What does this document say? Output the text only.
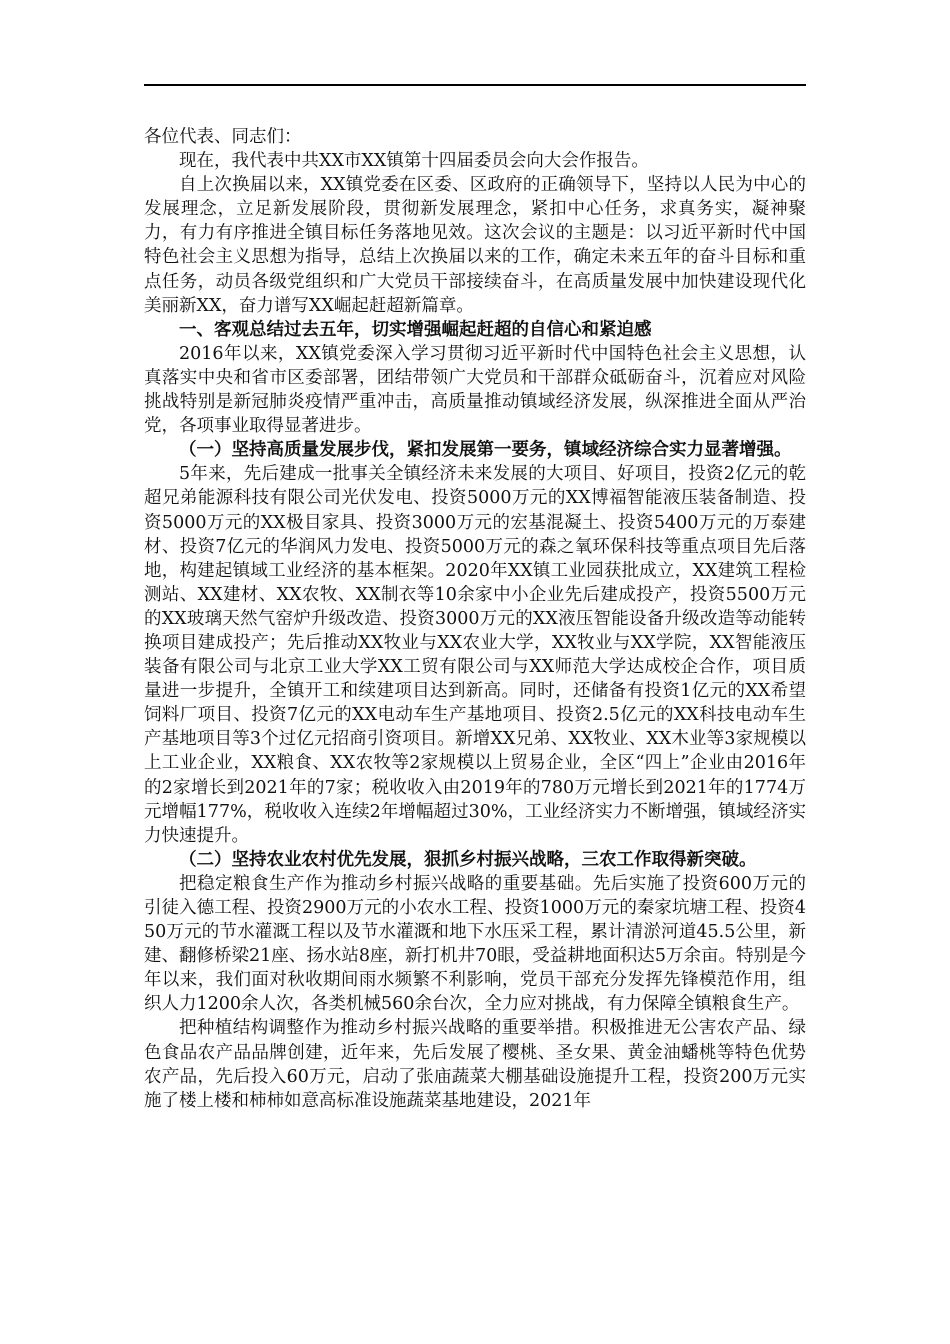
各位代表、同志们：

现在，我代表中共XX市XX镇第十四届委员会向大会作报告。

自上次换届以来，XX镇党委在区委、区政府的正确领导下，坚持以人民为中心的发展理念，立足新发展阶段，贯彻新发展理念，紧扣中心任务，求真务实，凝神聚力，有力有序推进全镇目标任务落地见效。这次会议的主题是：以习近平新时代中国特色社会主义思想为指导，总结上次换届以来的工作，确定未来五年的奋斗目标和重点任务，动员各级党组织和广大党员干部接续奋斗，在高质量发展中加快建设现代化美丽新XX，奋力谱写XX崛起赶超新篇章。

一、客观总结过去五年，切实增强崛起赶超的自信心和紧迫感

2016年以来，XX镇党委深入学习贯彻习近平新时代中国特色社会主义思想，认真落实中央和省市区委部署，团结带领广大党员和干部群众砥砺奋斗，沉着应对风险挑战特别是新冠肺炎疫情严重冲击，高质量推动镇域经济发展，纵深推进全面从严治党，各项事业取得显著进步。

（一）坚持高质量发展步伐，紧扣发展第一要务，镇域经济综合实力显著增强。

5年来，先后建成一批事关全镇经济未来发展的大项目、好项目，投资2亿元的乾超兄弟能源科技有限公司光伏发电、投资5000万元的XX博福智能液压装备制造、投资5000万元的XX极目家具、投资3000万元的宏基混凝土、投资5400万元的万泰建材、投资7亿元的华润风力发电、投资5000万元的森之氧环保科技等重点项目先后落地，构建起镇域工业经济的基本框架。2020年XX镇工业园获批成立，XX建筑工程检测站、XX建材、XX农牧、XX制衣等10余家中小企业先后建成投产，投资5500万元的XX玻璃天然气窑炉升级改造、投资3000万元的XX液压智能设备升级改造等动能转换项目建成投产；先后推动XX牧业与XX农业大学，XX牧业与XX学院，XX智能液压装备有限公司与北京工业大学XX工贸有限公司与XX师范大学达成校企合作，项目质量进一步提升，全镇开工和续建项目达到新高。同时，还储备有投资1亿元的XX希望饲料厂项目、投资7亿元的XX电动车生产基地项目、投资2.5亿元的XX科技电动车生产基地项目等3个过亿元招商引资项目。新增XX兄弟、XX牧业、XX木业等3家规模以上工业企业，XX粮食、XX农牧等2家规模以上贸易企业，全区“四上”企业由2016年的2家增长到2021年的7家；税收收入由2019年的780万元增长到2021年的1774万元增幅177%，税收收入连续2年增幅超过30%，工业经济实力不断增强，镇域经济实力快速提升。

（二）坚持农业农村优先发展，狠抓乡村振兴战略，三农工作取得新突破。

把稳定粮食生产作为推动乡村振兴战略的重要基础。先后实施了投资600万元的引徒入德工程、投资2900万元的小农水工程、投资1000万元的秦家坑塘工程、投资450万元的节水灌溉工程以及节水灌溉和地下水压采工程，累计清淤河道45.5公里，新建、翻修桥梁21座、扬水站8座，新打机井70眼，受益耕地面积达5万余亩。特别是今年以来，我们面对秋收期间雨水频繁不利影响，党员干部充分发挥先锋模范作用，组织人力1200余人次，各类机械560余台次，全力应对挑战，有力保障全镇粮食生产。

把种植结构调整作为推动乡村振兴战略的重要举措。积极推进无公害农产品、绿色食品农产品品牌创建，近年来，先后发展了樱桃、圣女果、黄金油蟠桃等特色优势农产品，先后投入60万元，启动了张庙蔬菜大棚基础设施提升工程，投资200万元实施了楼上楼和柿柿如意高标准设施蔬菜基地建设，2021年
